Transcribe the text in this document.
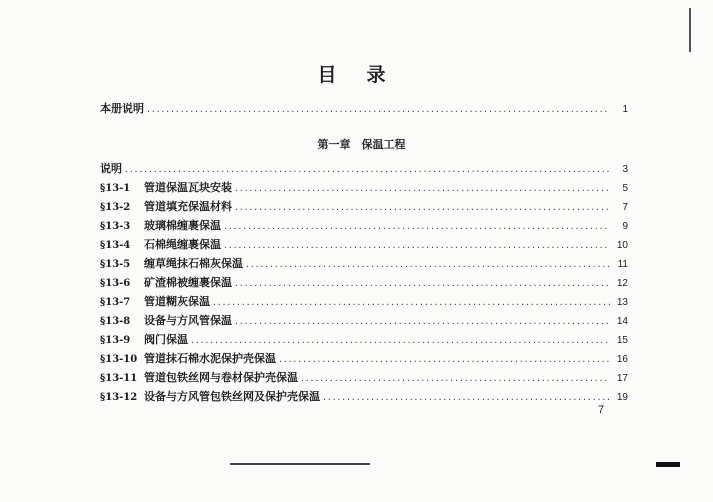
目录
本册说明 .....	1
第一章　保温工程
说明 .....	3
§13-1	管道保温瓦块安装 .....	5
§13-2	管道填充保温材料 .....	7
§13-3	玻璃棉缠裹保温 .....	9
§13-4	石棉绳缠裹保温 .....	10
§13-5	缠草绳抹石棉灰保温 .....	11
§13-6	矿渣棉被缠裹保温 .....	12
§13-7	管道糊灰保温 .....	13
§13-8	设备与方风管保温 .....	14
§13-9	阀门保温 .....	15
§13-10 管道抹石棉水泥保护壳保温 .....	16
§13-11 管道包铁丝网与卷材保护壳保温 .....	17
§13-12 设备与方风管包铁丝网及保护壳保温 .....	19
7
